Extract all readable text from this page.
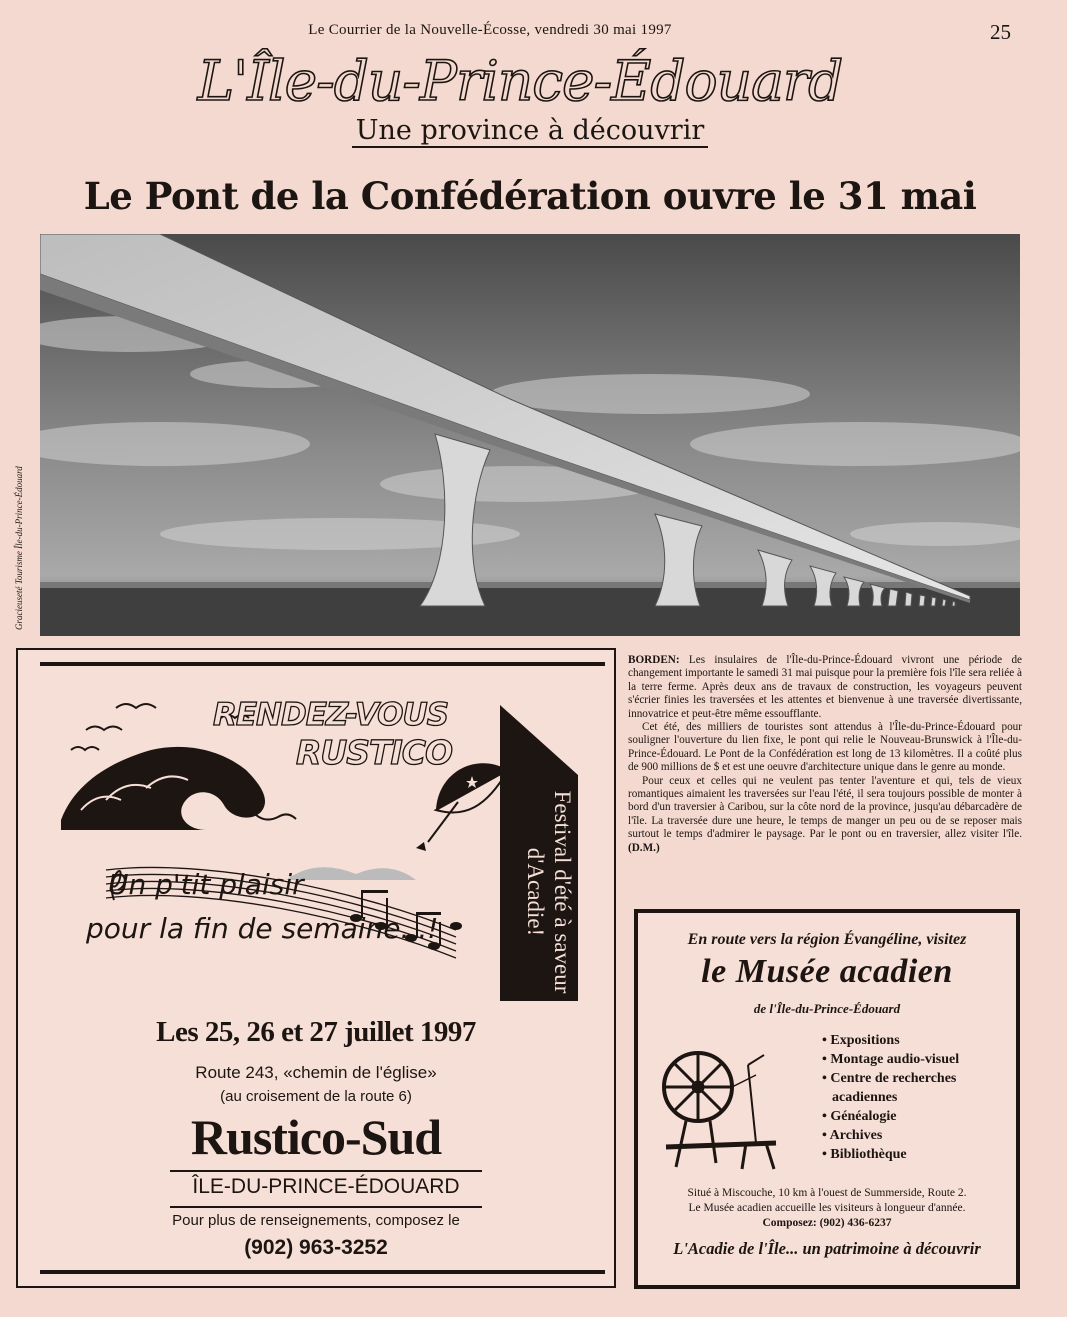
Le Courrier de la Nouvelle-Écosse, vendredi 30 mai 1997	25
L'Île-du-Prince-Édouard
Une province à découvrir
Le Pont de la Confédération ouvre le 31 mai
Gracieuseté Tourisme Île-du-Prince-Édouard

BORDEN: Les insulaires de l'Île-du-Prince-Édouard vivront une période de changement importante le samedi 31 mai puisque pour la première fois l'île sera reliée à la terre ferme. Après deux ans de travaux de construction, les voyageurs peuvent s'écrier finies les traversées et les attentes et bienvenue à une traversée divertissante, innovatrice et peut-être même essoufflante.

Cet été, des milliers de touristes sont attendus à l'Île-du-Prince-Édouard pour souligner l'ouverture du lien fixe, le pont qui relie le Nouveau-Brunswick à l'Île-du-Prince-Édouard. Le Pont de la Confédération est long de 13 kilomètres. Il a coûté plus de 900 millions de $ et est une oeuvre d'architecture unique dans le genre au monde.

Pour ceux et celles qui ne veulent pas tenter l'aventure et qui, tels de vieux romantiques aimaient les traversées sur l'eau l'été, il sera toujours possible de monter à bord d'un traversier à Caribou, sur la côte nord de la province, jusqu'au débarcadère de l'île. La traversée dure une heure, le temps de manger un peu ou de se reposer mais surtout le temps d'admirer le paysage. Par le pont ou en traversier, allez visiter l'île. (D.M.)

RENDEZ-VOUS
RUSTICO
Un p'tit plaisir
pour la fin de semaine...!	Festival d'été à saveur d'Acadie!
Les 25, 26 et 27 juillet 1997
Route 243, «chemin de l'église»
(au croisement de la route 6)
Rustico-Sud
ÎLE-DU-PRINCE-ÉDOUARD
Pour plus de renseignements, composez le
(902) 963-3252
En route vers la région Évangéline, visitez
le Musée acadien
de l'Île-du-Prince-Édouard
• Expositions
• Montage audio-visuel
• Centre de recherches
acadiennes
• Généalogie
• Archives
• Bibliothèque
Situé à Miscouche, 10 km à l'ouest de Summerside, Route 2.
Le Musée acadien accueille les visiteurs à longueur d'année.
Composez: (902) 436-6237
L'Acadie de l'Île... un patrimoine à découvrir
